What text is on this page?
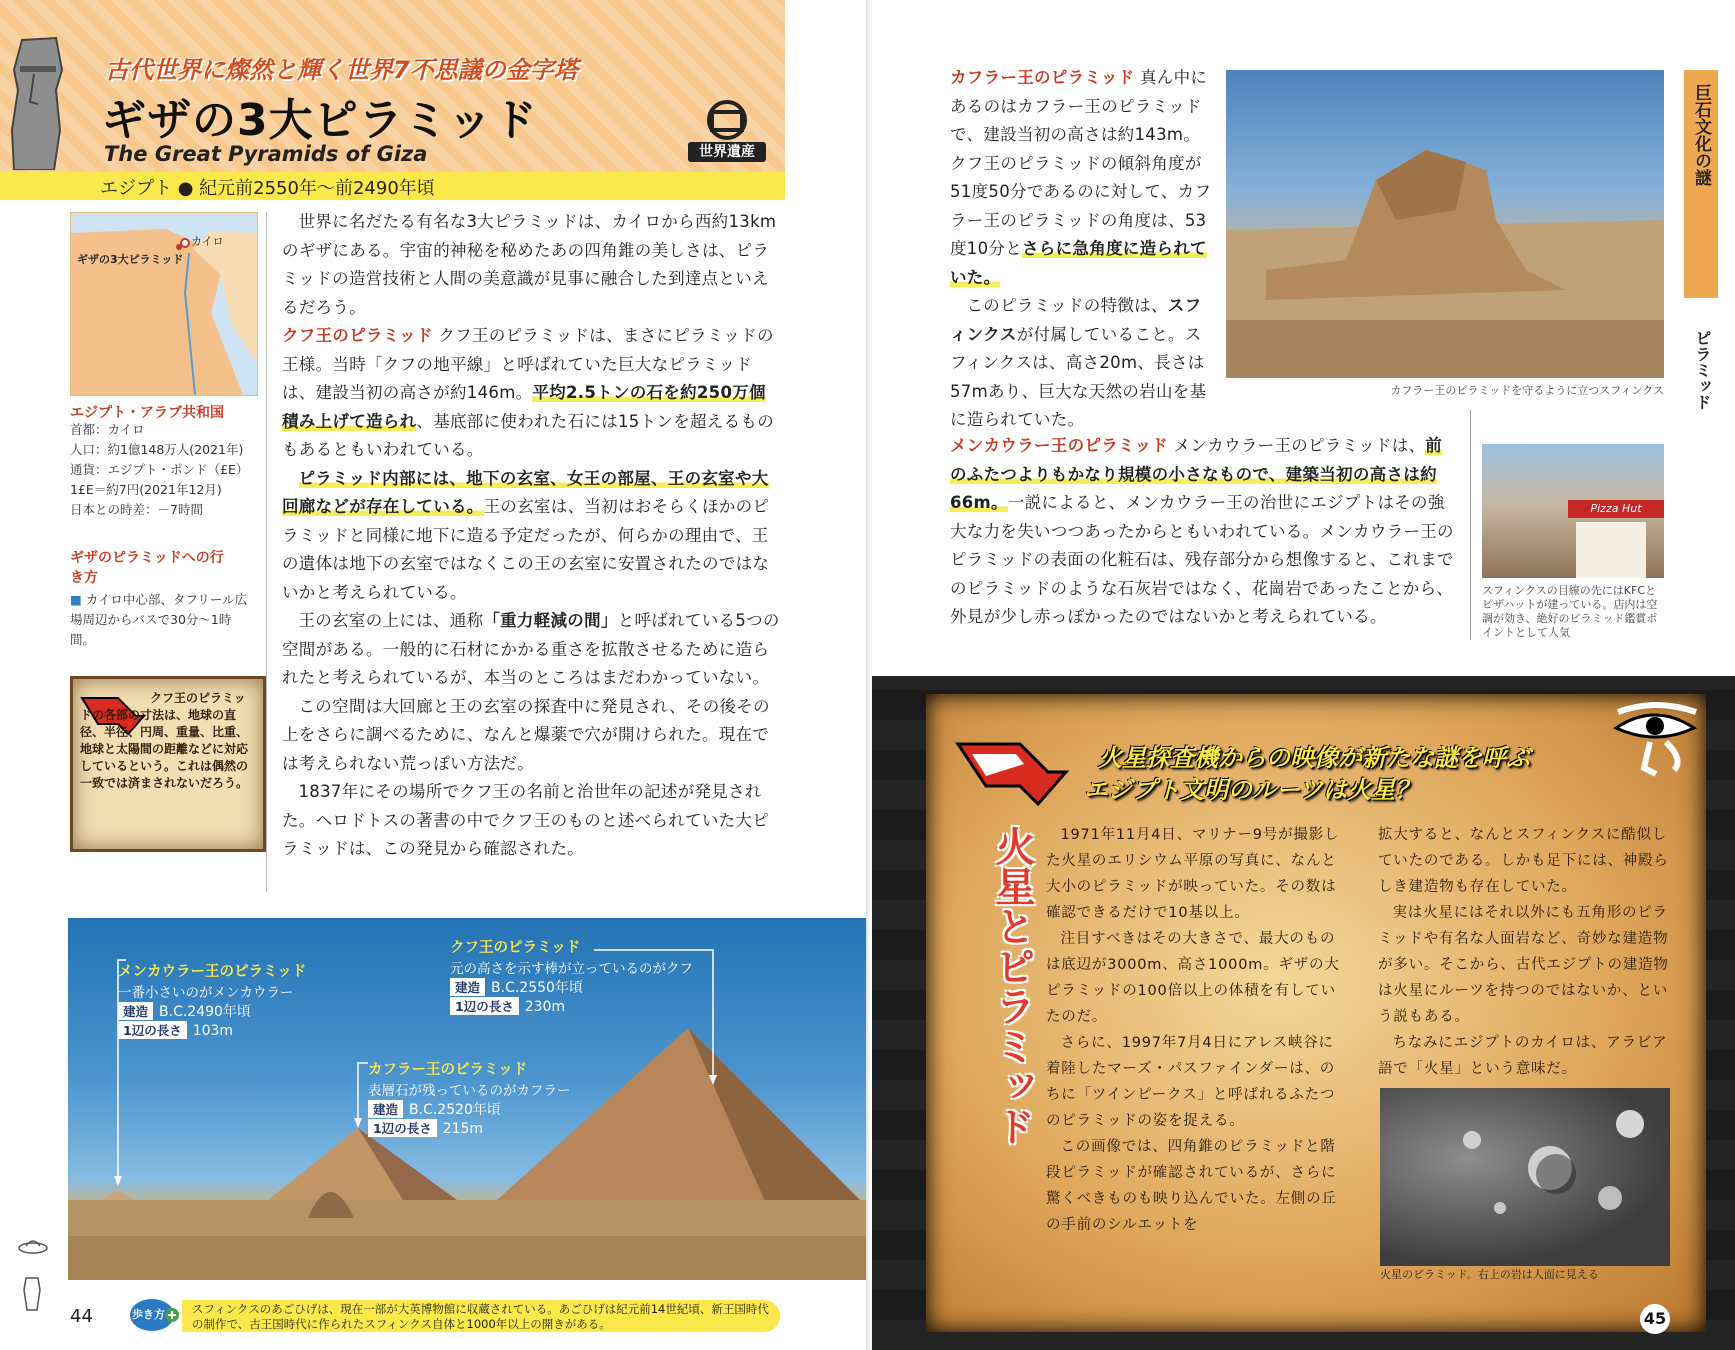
古代世界に燦然と輝く世界7不思議の金字塔
ギザの3大ピラミッド
The Great Pyramids of Giza	世界遺産
エジプト ● 紀元前2550年〜前2490年頃
カイロ
ギザの3大ピラミッド
エジプト・アラブ共和国
首都：カイロ
人口：約1億148万人(2021年)
通貨：エジプト・ポンド（£E）
1£E＝約7円(2021年12月)
日本との時差：－7時間
ギザのピラミッドへの行き方
■ カイロ中心部、タフリール広場周辺からバスで30分〜1時間。
クフ王のピラミッドの各部の寸法は、地球の直径、半径、円周、重量、比重、地球と太陽間の距離などに対応しているという。これは偶然の一致では済まされないだろう。

世界に名だたる有名な3大ピラミッドは、カイロから西約13kmのギザにある。宇宙的神秘を秘めたあの四角錐の美しさは、ピラミッドの造営技術と人間の美意識が見事に融合した到達点といえるだろう。

クフ王のピラミッド クフ王のピラミッドは、まさにピラミッドの王様。当時「クフの地平線」と呼ばれていた巨大なピラミッドは、建設当初の高さが約146m。平均2.5トンの石を約250万個積み上げて造られ、基底部に使われた石には15トンを超えるものもあるともいわれている。

ピラミッド内部には、地下の玄室、女王の部屋、王の玄室や大回廊などが存在している。王の玄室は、当初はおそらくほかのピラミッドと同様に地下に造る予定だったが、何らかの理由で、王の遺体は地下の玄室ではなくこの王の玄室に安置されたのではないかと考えられている。

王の玄室の上には、通称「重力軽減の間」と呼ばれている5つの空間がある。一般的に石材にかかる重さを拡散させるために造られたと考えられているが、本当のところはまだわかっていない。

この空間は大回廊と王の玄室の探査中に発見され、その後その上をさらに調べるために、なんと爆薬で穴が開けられた。現在では考えられない荒っぽい方法だ。

1837年にその場所でクフ王の名前と治世年の記述が発見された。ヘロドトスの著書の中でクフ王のものと述べられていた大ピラミッドは、この発見から確認された。

メンカウラー王のピラミッド
一番小さいのがメンカウラー
建造 B.C.2490年頃
1辺の長さ 103m
クフ王のピラミッド
元の高さを示す棒が立っているのがクフ
建造 B.C.2550年頃
1辺の長さ 230m
カフラー王のピラミッド
表層石が残っているのがカフラー
建造 B.C.2520年頃
1辺の長さ 215m
44	歩き方	スフィンクスのあごひげは、現在一部が大英博物館に収蔵されている。あごひげは紀元前14世紀頃、新王国時代の制作で、古王国時代に作られたスフィンクス自体と1000年以上の開きがある。
巨石文化の謎
ピラミッド

カフラー王のピラミッド 真ん中にあるのはカフラー王のピラミッドで、建設当初の高さは約143m。クフ王のピラミッドの傾斜角度が51度50分であるのに対して、カフラー王のピラミッドの角度は、53度10分とさらに急角度に造られていた。

このピラミッドの特徴は、スフィンクスが付属していること。スフィンクスは、高さ20m、長さは57mあり、巨大な天然の岩山を基に造られていた。

カフラー王のピラミッドを守るように立つスフィンクス

メンカウラー王のピラミッド メンカウラー王のピラミッドは、前のふたつよりもかなり規模の小さなもので、建築当初の高さは約66m。一説によると、メンカウラー王の治世にエジプトはその強大な力を失いつつあったからともいわれている。メンカウラー王のピラミッドの表面の化粧石は、残存部分から想像すると、これまでのピラミッドのような石灰岩ではなく、花崗岩であったことから、外見が少し赤っぽかったのではないかと考えられている。

Pizza Hut
スフィンクスの目線の先にはKFCとピザハットが建っている。店内は空調が効き、絶好のピラミッド鑑賞ポイントとして人気
火星探査機からの映像が新たな謎を呼ぶ
エジプト文明のルーツは火星？
火星とピラミッド	1971年11月4日、マリナー9号が撮影した火星のエリシウム平原の写真に、なんと大小のピラミッドが映っていた。その数は確認できるだけで10基以上。

注目すべきはその大きさで、最大のものは底辺が3000m、高さ1000m。ギザの大ピラミッドの100倍以上の体積を有していたのだ。

さらに、1997年7月4日にアレス峡谷に着陸したマーズ・パスファインダーは、のちに「ツインピークス」と呼ばれるふたつのピラミッドの姿を捉える。

この画像では、四角錐のピラミッドと階段ピラミッドが確認されているが、さらに驚くべきものも映り込んでいた。左側の丘の手前のシルエットを

拡大すると、なんとスフィンクスに酷似していたのである。しかも足下には、神殿らしき建造物も存在していた。

実は火星にはそれ以外にも五角形のピラミッドや有名な人面岩など、奇妙な建造物が多い。そこから、古代エジプトの建造物は火星にルーツを持つのではないか、という説もある。

ちなみにエジプトのカイロは、アラビア語で「火星」という意味だ。

火星のピラミッド。右上の岩は人面に見える
45
